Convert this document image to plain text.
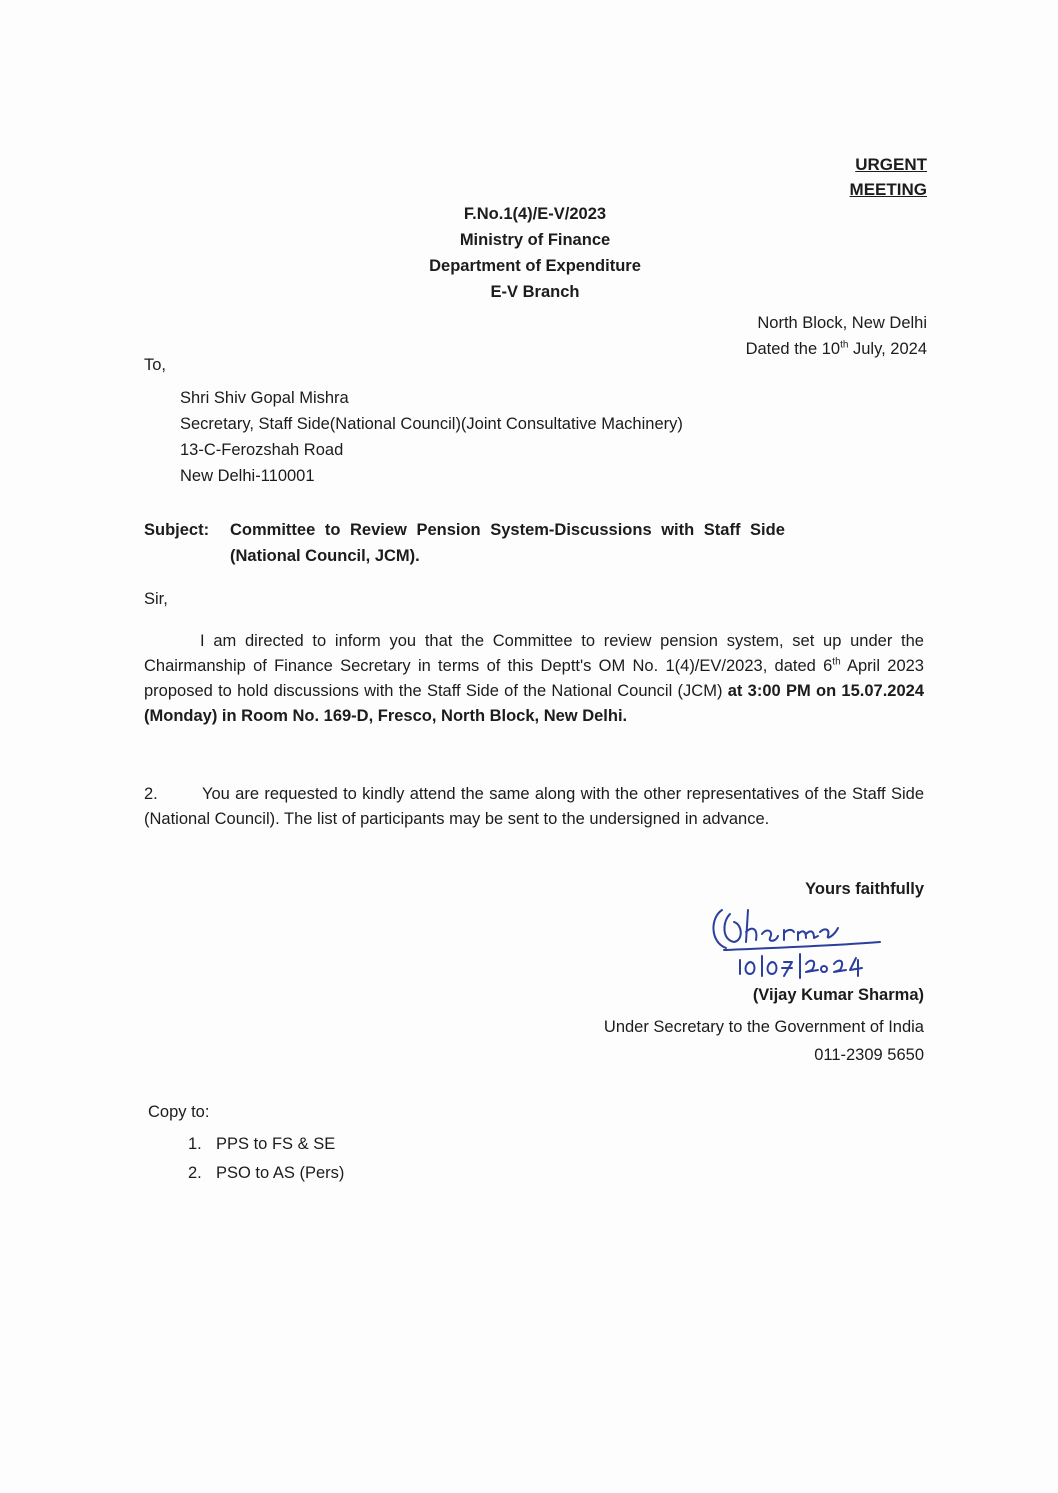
URGENT
MEETING
F.No.1(4)/E-V/2023
Ministry of Finance
Department of Expenditure
E-V Branch
North Block, New Delhi
Dated the 10th July, 2024
To,
Shri Shiv Gopal Mishra
Secretary, Staff Side(National Council)(Joint Consultative Machinery)
13-C-Ferozshah Road
New Delhi-110001
Subject: Committee to Review Pension System-Discussions with Staff Side
(National Council, JCM).
Sir,
I am directed to inform you that the Committee to review pension system, set up under the Chairmanship of Finance Secretary in terms of this Deptt's OM No. 1(4)/EV/2023, dated 6th April 2023 proposed to hold discussions with the Staff Side of the National Council (JCM) at 3:00 PM on 15.07.2024 (Monday) in Room No. 169-D, Fresco, North Block, New Delhi.
2.	You are requested to kindly attend the same along with the other representatives of the Staff Side (National Council). The list of participants may be sent to the undersigned in advance.
Yours faithfully
(Vijay Kumar Sharma)
Under Secretary to the Government of India
011-2309 5650
Copy to:
1. PPS to FS & SE
2. PSO to AS (Pers)
